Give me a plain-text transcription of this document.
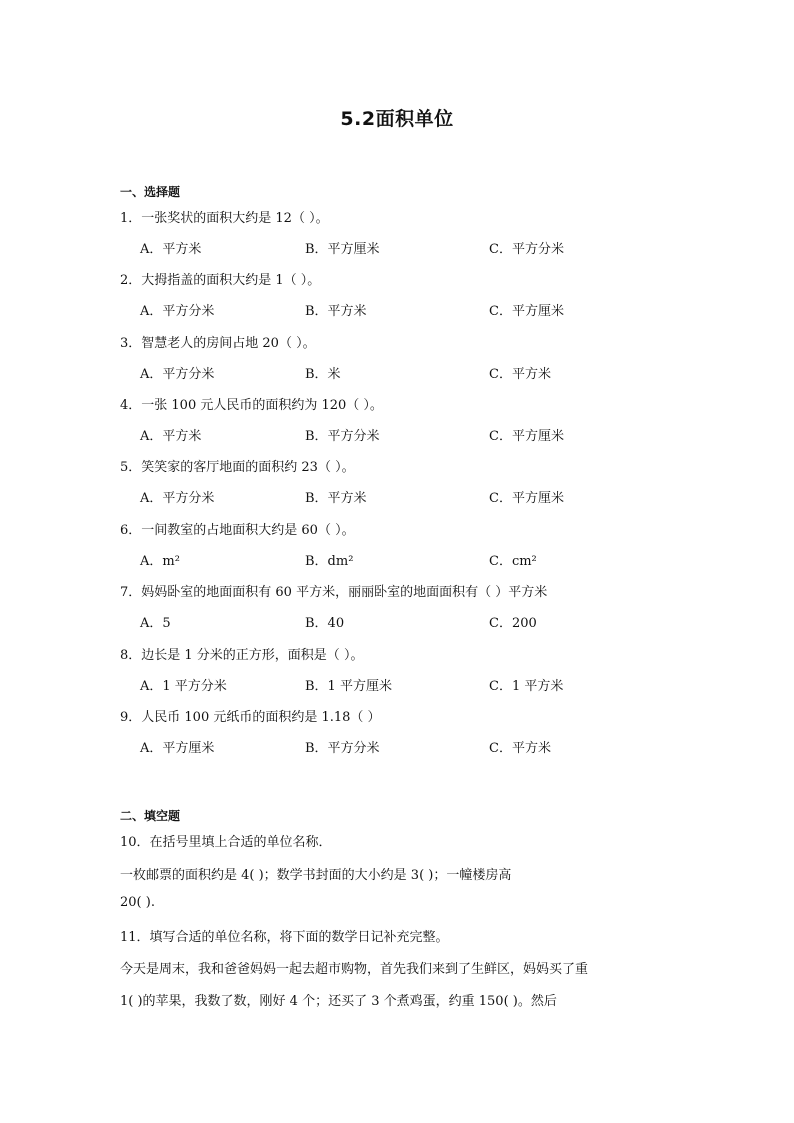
5.2面积单位
一、选择题
1．一张奖状的面积大约是 12（ ）。
A．平方米	B．平方厘米	C．平方分米
2．大拇指盖的面积大约是 1（ ）。
A．平方分米	B．平方米	C．平方厘米
3．智慧老人的房间占地 20（ ）。
A．平方分米	B．米	C．平方米
4．一张 100 元人民币的面积约为 120（ ）。
A．平方米	B．平方分米	C．平方厘米
5．笑笑家的客厅地面的面积约 23（ ）。
A．平方分米	B．平方米	C．平方厘米
6．一间教室的占地面积大约是 60（ ）。
A．m²	B．dm²	C．cm²
7．妈妈卧室的地面面积有 60 平方米，丽丽卧室的地面面积有（ ）平方米
A．5	B．40	C．200
8．边长是 1 分米的正方形，面积是（ ）。
A．1 平方分米	B．1 平方厘米	C．1 平方米
9．人民币 100 元纸币的面积约是 1.18（ ）
A．平方厘米	B．平方分米	C．平方米
二、填空题
10．在括号里填上合适的单位名称．
一枚邮票的面积约是 4( )；数学书封面的大小约是 3( )；一幢楼房高
20( ).
11．填写合适的单位名称，将下面的数学日记补充完整。
今天是周末，我和爸爸妈妈一起去超市购物，首先我们来到了生鲜区，妈妈买了重
1( )的苹果，我数了数，刚好 4 个；还买了 3 个煮鸡蛋，约重 150( )。然后
